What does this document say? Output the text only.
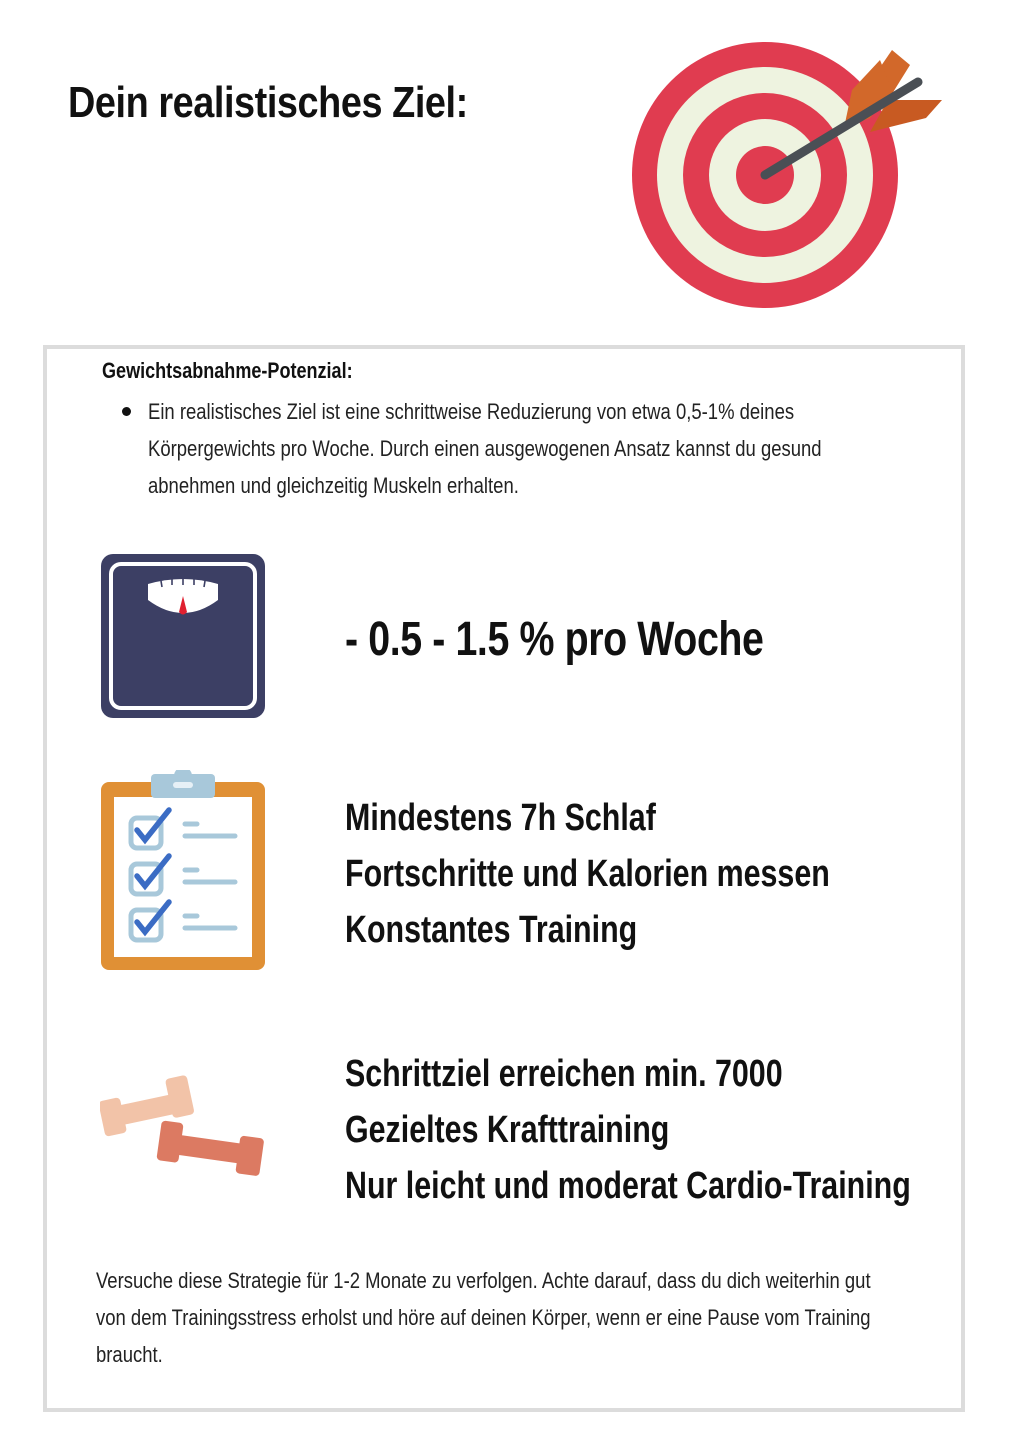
Dein realistisches Ziel:

Gewichtsabnahme-Potenzial:

Ein realistisches Ziel ist eine schrittweise Reduzierung von etwa 0,5-1% deines Körpergewichts pro Woche. Durch einen ausgewogenen Ansatz kannst du gesund abnehmen und gleichzeitig Muskeln erhalten.

- 0.5 - 1.5 % pro Woche

Mindestens 7h Schlaf
Fortschritte und Kalorien messen
Konstantes Training
Schrittziel erreichen min. 7000
Gezieltes Krafttraining
Nur leicht und moderat Cardio-Training

Versuche diese Strategie für 1-2 Monate zu verfolgen. Achte darauf, dass du dich weiterhin gut von dem Trainingsstress erholst und höre auf deinen Körper, wenn er eine Pause vom Training braucht.
